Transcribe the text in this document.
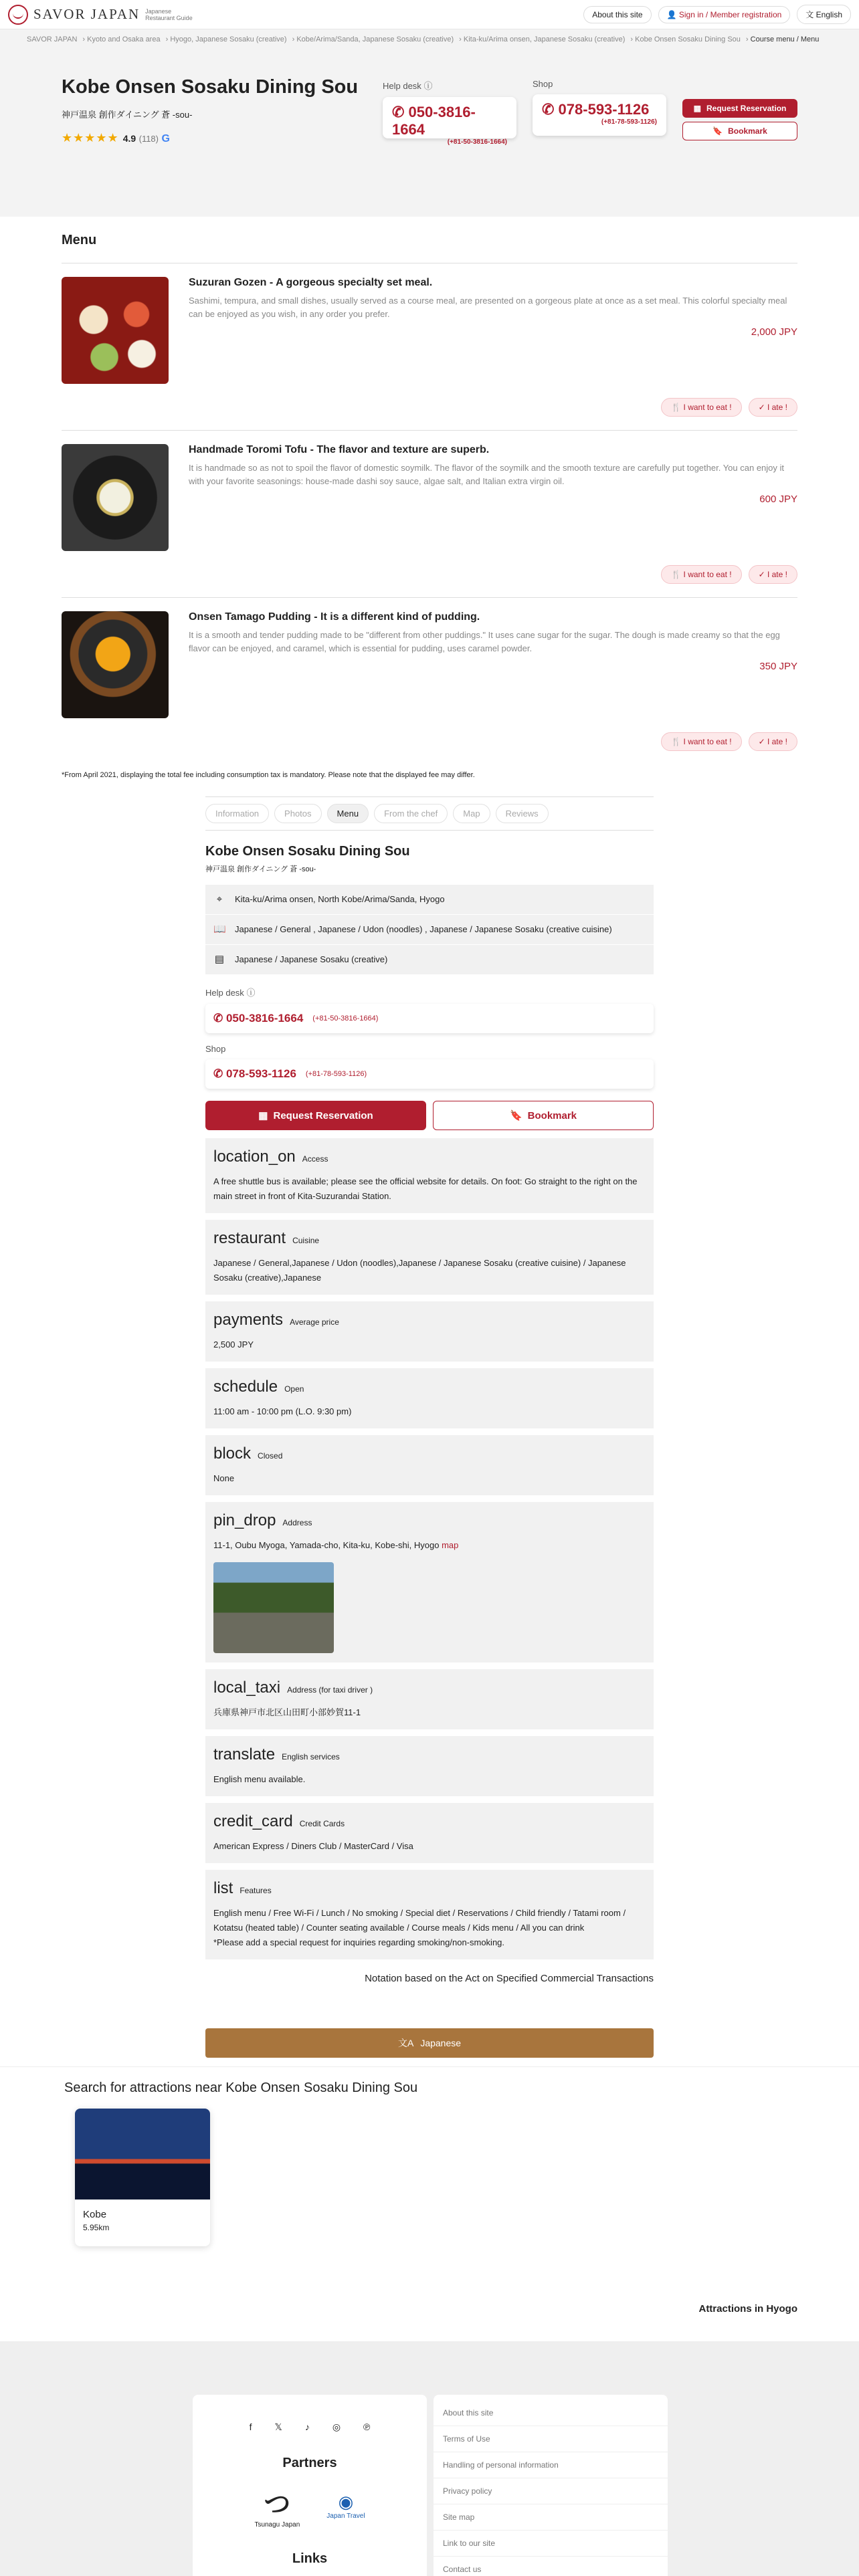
SAVOR JAPAN Japanese
Restaurant Guide	About this site	👤 Sign in / Member registration	文 English
SAVOR JAPAN › Kyoto and Osaka area › Hyogo, Japanese Sosaku (creative) › Kobe/Arima/Sanda, Japanese Sosaku (creative) › Kita-ku/Arima onsen, Japanese Sosaku (creative) › Kobe Onsen Sosaku Dining Sou › Course menu / Menu
Kobe Onsen Sosaku Dining Sou
神戸温泉 創作ダイニング 蒼 -sou-
★★★★★ 4.9 (118) G
Help desk ⓘ
✆ 050-3816-1664
(+81-50-3816-1664)
Shop
✆ 078-593-1126
(+81-78-593-1126)
▦ Request Reservation
🔖 Bookmark
Menu
Suzuran Gozen - A gorgeous specialty set meal.

Sashimi, tempura, and small dishes, usually served as a course meal, are presented on a gorgeous plate at once as a set meal. This colorful specialty meal can be enjoyed as you wish, in any order you prefer.

2,000 JPY
🍴 I want to eat !	✓ I ate !
Handmade Toromi Tofu - The flavor and texture are superb.

It is handmade so as not to spoil the flavor of domestic soymilk. The flavor of the soymilk and the smooth texture are carefully put together. You can enjoy it with your favorite seasonings: house-made dashi soy sauce, algae salt, and Italian extra virgin oil.

600 JPY
🍴 I want to eat !	✓ I ate !
Onsen Tamago Pudding - It is a different kind of pudding.

It is a smooth and tender pudding made to be "different from other puddings." It uses cane sugar for the sugar. The dough is made creamy so that the egg flavor can be enjoyed, and caramel, which is essential for pudding, uses caramel powder.

350 JPY
🍴 I want to eat !	✓ I ate !
*From April 2021, displaying the total fee including consumption tax is mandatory. Please note that the displayed fee may differ.
Information	Photos	Menu	From the chef	Map	Reviews
Kobe Onsen Sosaku Dining Sou
神戸温泉 創作ダイニング 蒼 -sou-
⌖	Kita-ku/Arima onsen, North Kobe/Arima/Sanda, Hyogo
📖 Japanese / General , Japanese / Udon (noodles) , Japanese / Japanese Sosaku (creative cuisine)
▤ Japanese / Japanese Sosaku (creative)
Help desk ⓘ
✆ 050-3816-1664 (+81-50-3816-1664)
Shop
✆ 078-593-1126 (+81-78-593-1126)
▦ Request Reservation	🔖 Bookmark
location_on Access
A free shuttle bus is available; please see the official website for details. On foot: Go straight to the right on the main street in front of Kita-Suzurandai Station.
restaurant Cuisine
Japanese / General,Japanese / Udon (noodles),Japanese / Japanese Sosaku (creative cuisine) / Japanese Sosaku (creative),Japanese
payments Average price
2,500 JPY
schedule Open
11:00 am - 10:00 pm (L.O. 9:30 pm)
block Closed
None
pin_drop Address
11-1, Oubu Myoga, Yamada-cho, Kita-ku, Kobe-shi, Hyogo map
local_taxi Address (for taxi driver )
兵庫県神戸市北区山田町小部妙賀11-1
translate English services
English menu available.
credit_card Credit Cards
American Express / Diners Club / MasterCard / Visa
list Features
English menu / Free Wi-Fi / Lunch / No smoking / Special diet / Reservations / Child friendly / Tatami room / Kotatsu (heated table) / Counter seating available / Course meals / Kids menu / All you can drink
*Please add a special request for inquiries regarding smoking/non-smoking.
Notation based on the Act on Specified Commercial Transactions
文A Japanese
Search for attractions near Kobe Onsen Sosaku Dining Sou
Kobe
5.95km
Attractions in Hyogo
f 𝕏 ♪ ◎ ℗
Partners
つ
Tsunagu Japan
◉
Japan Travel
Links
About this site
Terms of Use
Handling of personal information
Privacy policy
Site map
Link to our site
Contact us
